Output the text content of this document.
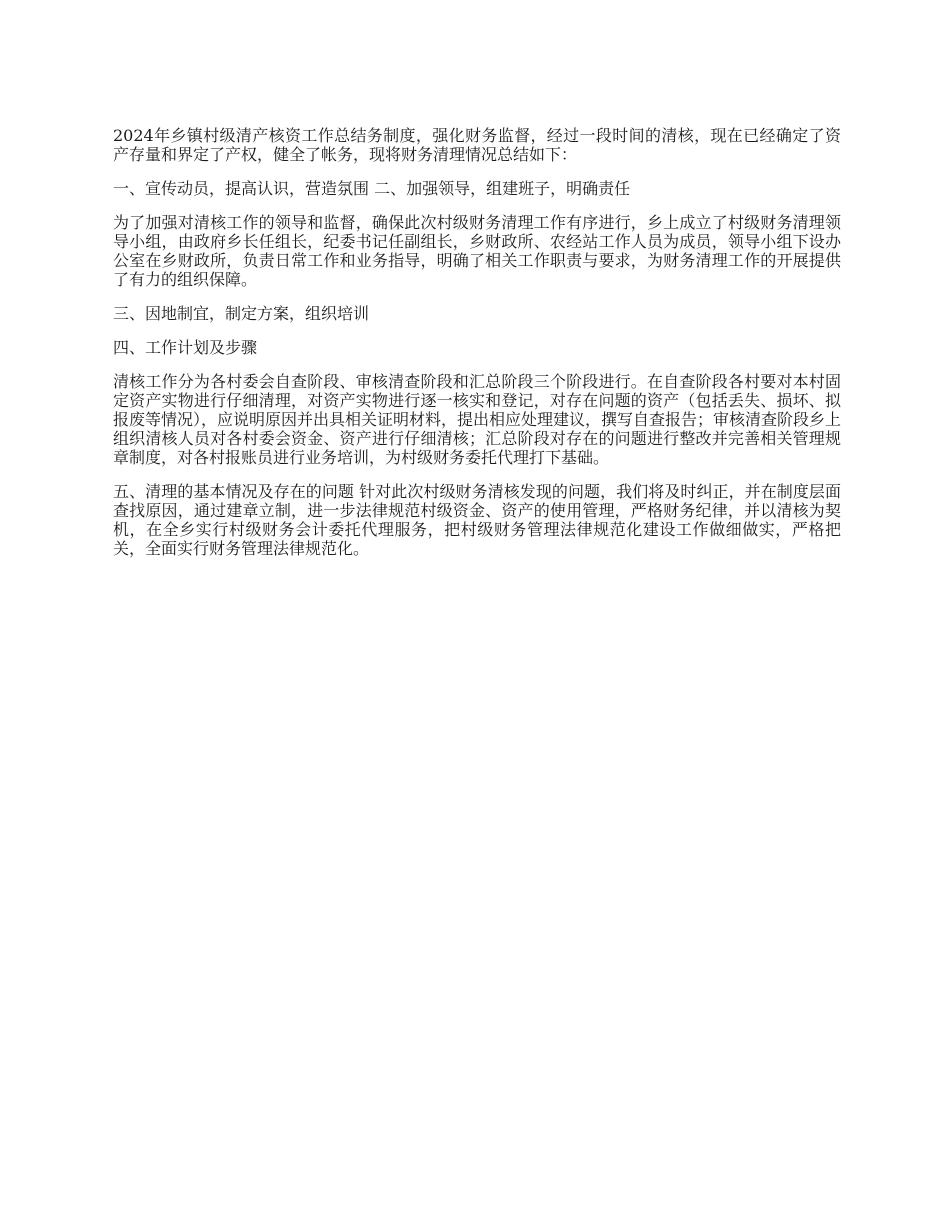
2024年乡镇村级清产核资工作总结务制度，强化财务监督，经过一段时间的清核，现在已经确定了资产存量和界定了产权，健全了帐务，现将财务清理情况总结如下：

一、宣传动员，提高认识，营造氛围 二、加强领导，组建班子，明确责任

为了加强对清核工作的领导和监督，确保此次村级财务清理工作有序进行，乡上成立了村级财务清理领导小组，由政府乡长任组长，纪委书记任副组长，乡财政所、农经站工作人员为成员，领导小组下设办公室在乡财政所，负责日常工作和业务指导，明确了相关工作职责与要求，为财务清理工作的开展提供了有力的组织保障。

三、因地制宜，制定方案，组织培训

四、工作计划及步骤

清核工作分为各村委会自查阶段、审核清查阶段和汇总阶段三个阶段进行。在自查阶段各村要对本村固定资产实物进行仔细清理，对资产实物进行逐一核实和登记，对存在问题的资产（包括丢失、损坏、拟报废等情况），应说明原因并出具相关证明材料，提出相应处理建议，撰写自查报告；审核清查阶段乡上组织清核人员对各村委会资金、资产进行仔细清核；汇总阶段对存在的问题进行整改并完善相关管理规章制度，对各村报账员进行业务培训，为村级财务委托代理打下基础。

五、清理的基本情况及存在的问题 针对此次村级财务清核发现的问题，我们将及时纠正，并在制度层面查找原因，通过建章立制，进一步法律规范村级资金、资产的使用管理，严格财务纪律，并以清核为契机，在全乡实行村级财务会计委托代理服务，把村级财务管理法律规范化建设工作做细做实，严格把关，全面实行财务管理法律规范化。
